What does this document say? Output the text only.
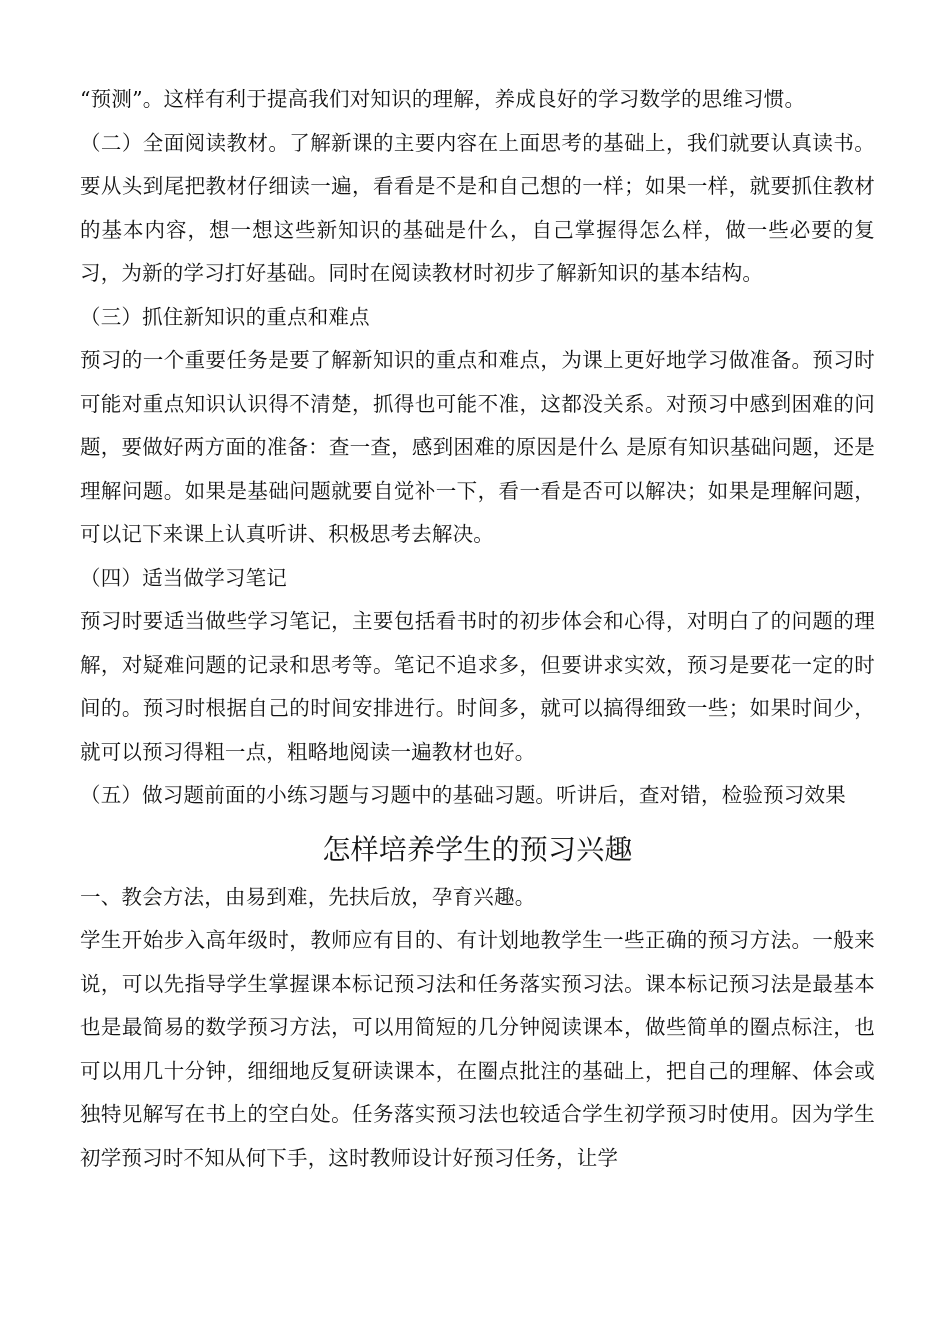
“预测”。这样有利于提高我们对知识的理解，养成良好的学习数学的思维习惯。

（二）全面阅读教材。了解新课的主要内容在上面思考的基础上，我们就要认真读书。 要从头到尾把教材仔细读一遍，看看是不是和自己想的一样；如果一样，就要抓住教材的基本内容，想一想这些新知识的基础是什么，自己掌握得怎么样，做一些必要的复习，为新的学习打好基础。同时在阅读教材时初步了解新知识的基本结构。

（三）抓住新知识的重点和难点

预习的一个重要任务是要了解新知识的重点和难点，为课上更好地学习做准备。预习时可能对重点知识认识得不清楚，抓得也可能不准，这都没关系。对预习中感到困难的问题，要做好两方面的准备：查一查，感到困难的原因是什么 是原有知识基础问题，还是理解问题。如果是基础问题就要自觉补一下，看一看是否可以解决；如果是理解问题，可以记下来课上认真听讲、积极思考去解决。

（四）适当做学习笔记

预习时要适当做些学习笔记，主要包括看书时的初步体会和心得，对明白了的问题的理解，对疑难问题的记录和思考等。笔记不追求多，但要讲求实效，预习是要花一定的时间的。预习时根据自己的时间安排进行。时间多，就可以搞得细致一些；如果时间少，就可以预习得粗一点，粗略地阅读一遍教材也好。

（五）做习题前面的小练习题与习题中的基础习题。听讲后，查对错，检验预习效果

怎样培养学生的预习兴趣

一、教会方法，由易到难，先扶后放，孕育兴趣。

学生开始步入高年级时，教师应有目的、有计划地教学生一些正确的预习方法。一般来说，可以先指导学生掌握课本标记预习法和任务落实预习法。课本标记预习法是最基本也是最简易的数学预习方法，可以用简短的几分钟阅读课本，做些简单的圈点标注，也可以用几十分钟，细细地反复研读课本，在圈点批注的基础上，把自己的理解、体会或独特见解写在书上的空白处。任务落实预习法也较适合学生初学预习时使用。因为学生初学预习时不知从何下手，这时教师设计好预习任务，让学
